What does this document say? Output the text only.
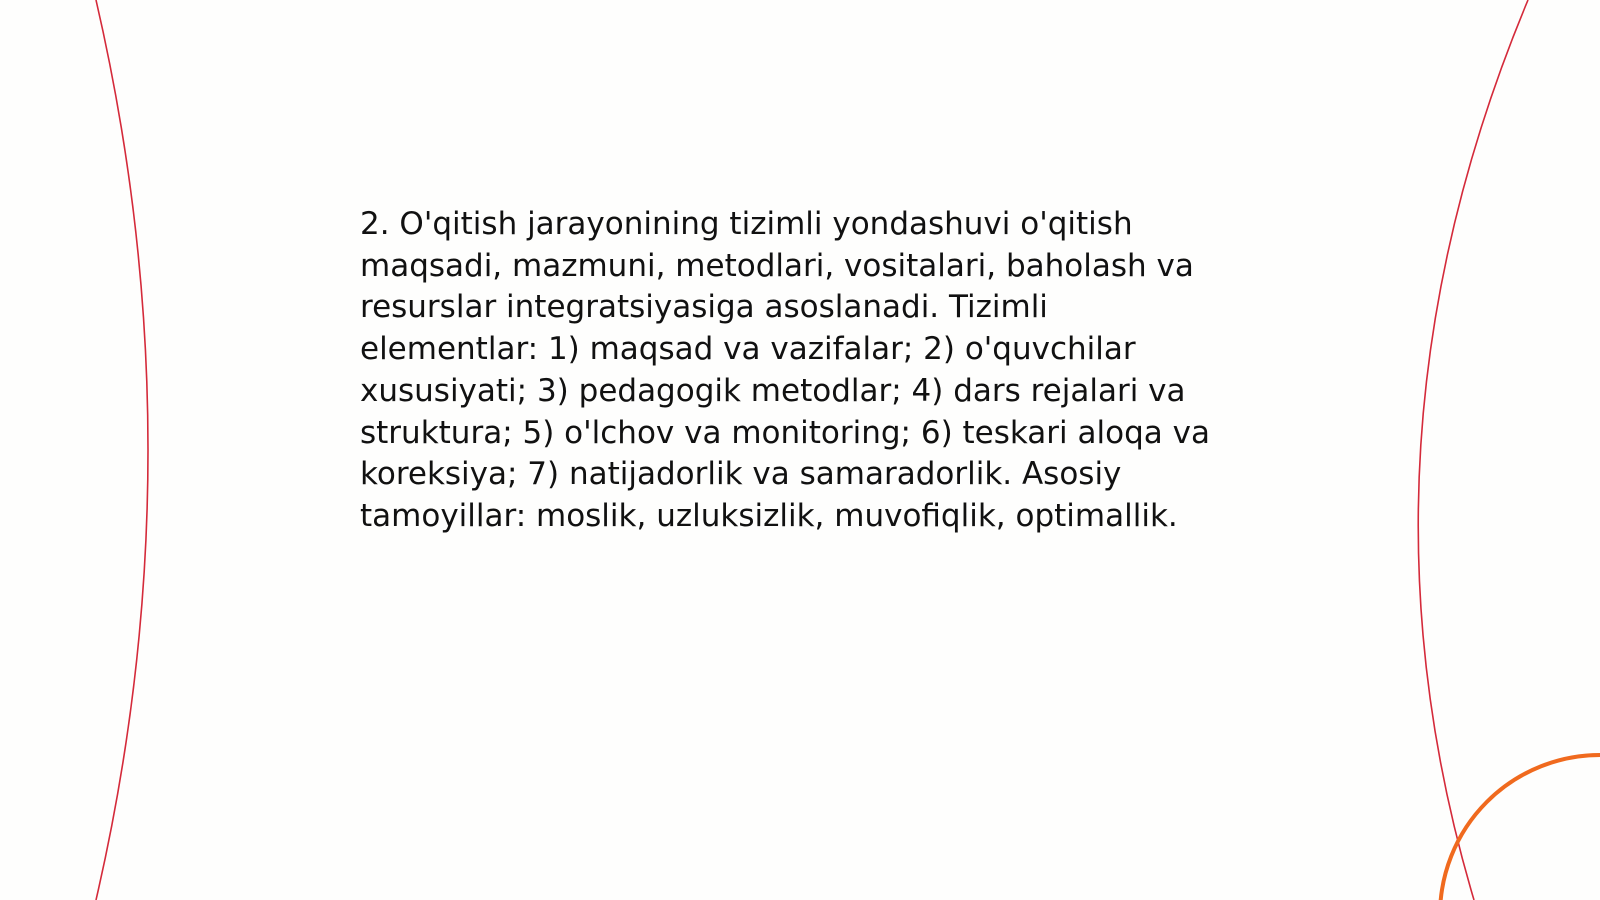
2. O'qitish jarayonining tizimli yondashuvi o'qitish
maqsadi, mazmuni, metodlari, vositalari, baholash va
resurslar integratsiyasiga asoslanadi. Tizimli
elementlar: 1) maqsad va vazifalar; 2) o'quvchilar
xususiyati; 3) pedagogik metodlar; 4) dars rejalari va
struktura; 5) o'lchov va monitoring; 6) teskari aloqa va
koreksiya; 7) natijadorlik va samaradorlik. Asosiy
tamoyillar: moslik, uzluksizlik, muvofiqlik, optimallik.
